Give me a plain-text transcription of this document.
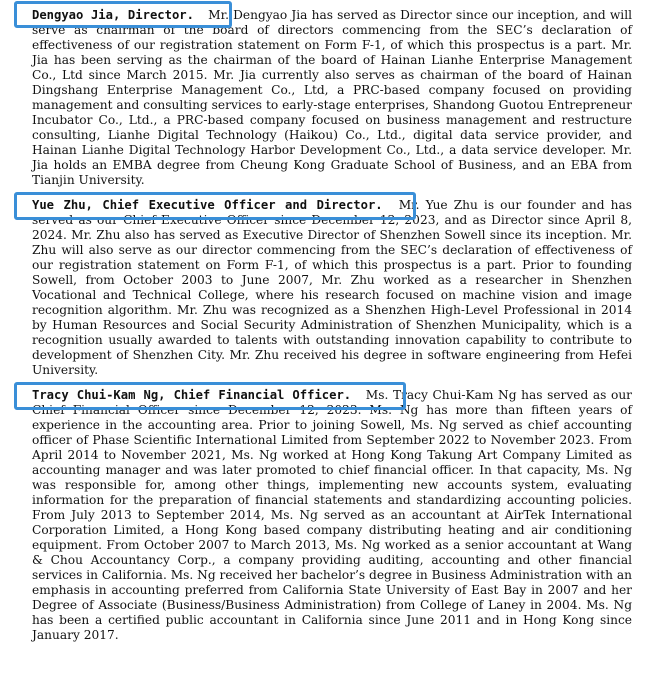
Dengyao Jia, Director. Mr. Dengyao Jia has served as Director since our inception, and will serve as chairman of the board of directors commencing from the SEC’s declaration of effectiveness of our registration statement on Form F-1, of which this prospectus is a part. Mr. Jia has been serving as the chairman of the board of Hainan Lianhe Enterprise Management Co., Ltd since March 2015. Mr. Jia currently also serves as chairman of the board of Hainan Dingshang Enterprise Management Co., Ltd, a PRC-based company focused on providing management and consulting services to early-stage enterprises, Shandong Guotou Entrepreneur Incubator Co., Ltd., a PRC-based company focused on business management and restructure consulting, Lianhe Digital Technology (Haikou) Co., Ltd., digital data service provider, and Hainan Lianhe Digital Technology Harbor Development Co., Ltd., a data service developer. Mr. Jia holds an EMBA degree from Cheung Kong Graduate School of Business, and an EBA from Tianjin University.

Yue Zhu, Chief Executive Officer and Director. Mr. Yue Zhu is our founder and has served as our Chief Executive Officer since December 12, 2023, and as Director since April 8, 2024. Mr. Zhu also has served as Executive Director of Shenzhen Sowell since its inception. Mr. Zhu will also serve as our director commencing from the SEC’s declaration of effectiveness of our registration statement on Form F-1, of which this prospectus is a part. Prior to founding Sowell, from October 2003 to June 2007, Mr. Zhu worked as a researcher in Shenzhen Vocational and Technical College, where his research focused on machine vision and image recognition algorithm. Mr. Zhu was recognized as a Shenzhen High-Level Professional in 2014 by Human Resources and Social Security Administration of Shenzhen Municipality, which is a recognition usually awarded to talents with outstanding innovation capability to contribute to development of Shenzhen City. Mr. Zhu received his degree in software engineering from Hefei University.

Tracy Chui-Kam Ng, Chief Financial Officer. Ms. Tracy Chui-Kam Ng has served as our Chief Financial Officer since December 12, 2023. Ms. Ng has more than fifteen years of experience in the accounting area. Prior to joining Sowell, Ms. Ng served as chief accounting officer of Phase Scientific International Limited from September 2022 to November 2023. From April 2014 to November 2021, Ms. Ng worked at Hong Kong Takung Art Company Limited as accounting manager and was later promoted to chief financial officer. In that capacity, Ms. Ng was responsible for, among other things, implementing new accounts system, evaluating information for the preparation of financial statements and standardizing accounting policies. From July 2013 to September 2014, Ms. Ng served as an accountant at AirTek International Corporation Limited, a Hong Kong based company distributing heating and air conditioning equipment. From October 2007 to March 2013, Ms. Ng worked as a senior accountant at Wang & Chou Accountancy Corp., a company providing auditing, accounting and other financial services in California. Ms. Ng received her bachelor’s degree in Business Administration with an emphasis in accounting preferred from California State University of East Bay in 2007 and her Degree of Associate (Business/Business Administration) from College of Laney in 2004. Ms. Ng has been a certified public accountant in California since June 2011 and in Hong Kong since January 2017.
